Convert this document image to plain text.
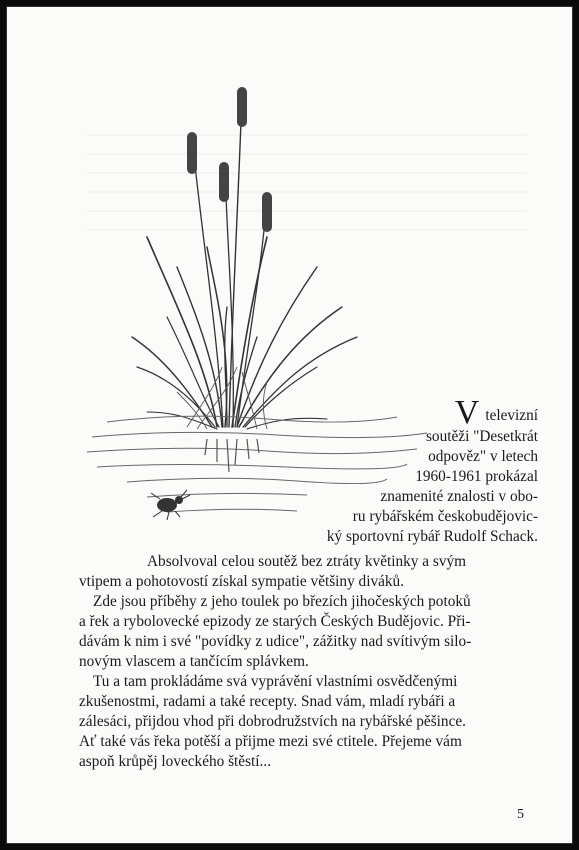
Vtelevizní
soutěži "Desetkrát
odpověz" v letech
1960-1961 prokázal
znamenité znalosti v obo-
ru rybářském českobudějovic-
ký sportovní rybář Rudolf Schack.
Absolvoval celou soutěž bez ztráty květinky a svým
vtipem a pohotovostí získal sympatie většiny diváků.
Zde jsou příběhy z jeho toulek po březích jihočeských potoků
a řek a rybolovecké epizody ze starých Českých Budějovic. Při-
dávám k nim i své "povídky z udice", zážitky nad svítivým silo-
novým vlascem a tančícím splávkem.
Tu a tam prokládáme svá vyprávění vlastními osvědčenými
zkušenostmi, radami a také recepty. Snad vám, mladí rybáři a
zálesáci, přijdou vhod při dobrodružstvích na rybářské pěšince.
Ať také vás řeka potěší a přijme mezi své ctitele. Přejeme vám
aspoň krůpěj loveckého štěstí...
5
